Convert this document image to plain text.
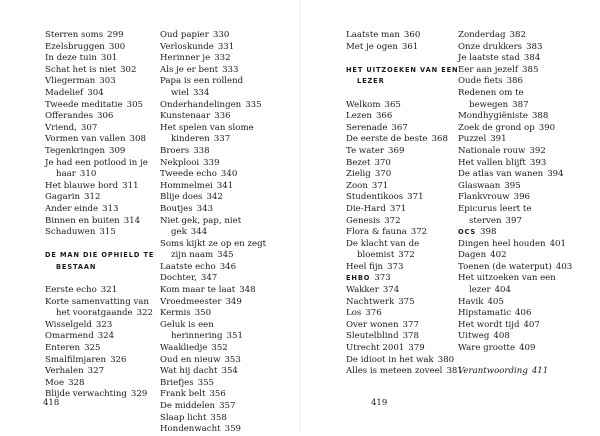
Sterren soms 299
Ezelsbruggen 300
In deze tuin 301
Schat het is niet 302
Vliegerman 303
Madelief 304
Tweede meditatie 305
Offerandes 306
Vriend, 307
Vormen van vallen 308
Tegenkringen 309
Je had een potlood in je haar 310
Het blauwe bord 311
Gagarin 312
Ander einde 313
Binnen en buiten 314
Schaduwen 315
DE MAN DIE OPHIELD TE BESTAAN
Eerste echo 321
Korte samenvatting van het vooratgaande 322
Wisselgeld 323
Omarmend 324
Enteren 325
Smalfilmjaren 326
Verhalen 327
Moe 328
Blijde verwachting 329
Oud papier 330
Verloskunde 331
Herinner je 332
Als je er bent 333
Papa is een rollend wiel 334
Onderhandelingen 335
Kunstenaar 336
Het spelen van slome kinderen 337
Broers 338
Nekplooi 339
Tweede echo 340
Hommelmei 341
Blije does 342
Boutjes 343
Niet gek, pap, niet gek 344
Soms kijkt ze op en zegt zijn naam 345
Laatste echo 346
Dochter, 347
Kom maar te laat 348
Vroedmeester 349
Kermis 350
Geluk is een herinnering 351
Waakliedje 352
Oud en nieuw 353
Wat hij dacht 354
Briefjes 355
Frank belt 356
De middelen 357
Slaap licht 358
Hondenwacht 359
418
Laatste man 360
Met je ogen 361
HET UITZOEKEN VAN EEN LEZER
Welkom 365
Lezen 366
Serenade 367
De eerste de beste 368
Te water 369
Bezet 370
Zielig 370
Zoon 371
Studentikoos 371
Die-Hard 371
Genesis 372
Flora & fauna 372
De klacht van de bloemist 372
Heel fijn 373
EHBO 373
Wakker 374
Nachtwerk 375
Los 376
Over wonen 377
Sleutelblind 378
Utrecht 2001 379
De idioot in het wak 380
Alles is meteen zoveel 381
Zonderdag 382
Onze drukkers 383
Je laatste stad 384
Eer aan jezelf 385
Oude fiets 386
Redenen om te bewegen 387
Mondhygiëniste 388
Zoek de grond op 390
Puzzel 391
Nationale rouw 392
Het vallen blijft 393
De atlas van wanen 394
Glaswaan 395
Flankvrouw 396
Epicurus leert te sterven 397
OCS 398
Dingen heel houden 401
Dagen 402
Toenen (de waterput) 403
Het uitzoeken van een lezer 404
Havik 405
Hipstamatic 406
Het wordt tijd 407
Uitweg 408
Ware grootte 409
Verantwoording 411
419
